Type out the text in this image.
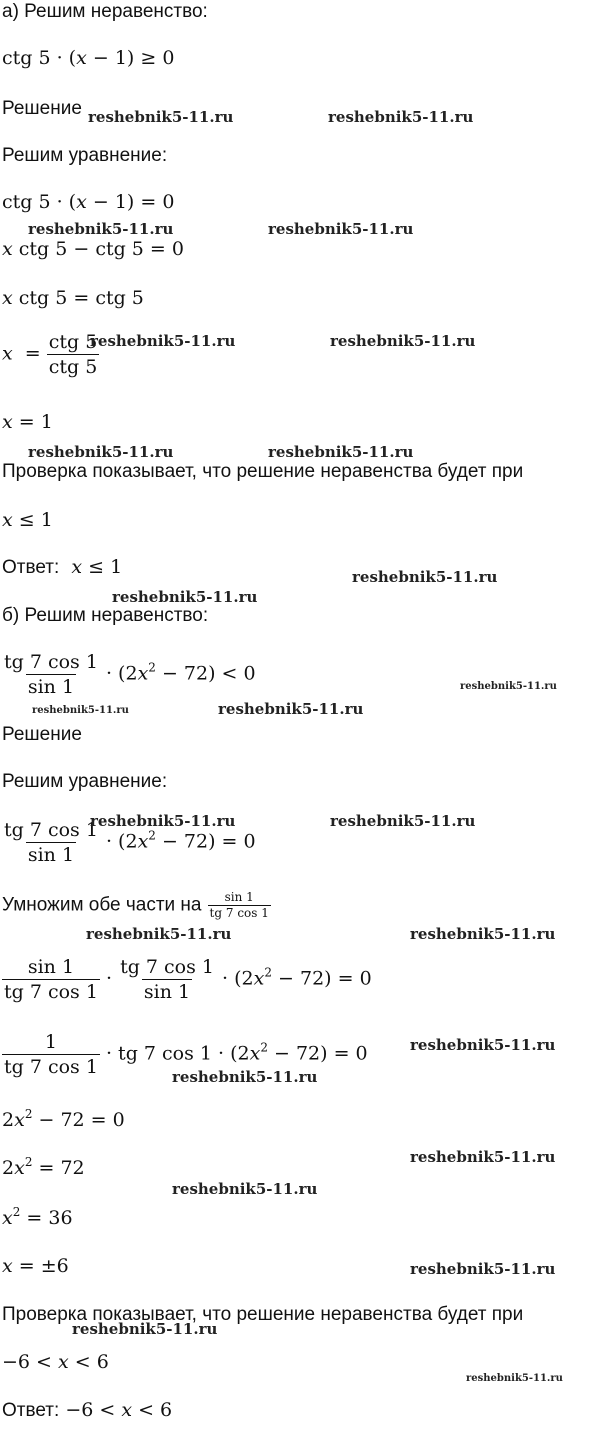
а) Решим неравенство:
ctg 5 · (x − 1) ≥ 0
Решение
Решим уравнение:
ctg 5 · (x − 1) = 0
x ctg 5 − ctg 5 = 0
x ctg 5 = ctg 5
$x = \frac{\text{ctg 5}}{\text{ctg 5}}$
x = 1
Проверка показывает, что решение неравенства будет при
x ≤ 1
Ответ: x ≤ 1
б) Решим неравенство:
$\frac{tg 7 \cos 1}{\sin 1} \cdot (2x^2 - 72) < 0$
Решение
Решим уравнение:
$\frac{tg 7 \cos 1}{\sin 1} \cdot (2x^2 - 72) = 0$
Умножим обе части на $\frac{\sin 1}{tg 7 \cos 1}$
$\frac{\sin 1}{tg 7 \cos 1} \cdot \frac{tg 7 \cos 1}{\sin 1} \cdot (2x^2 - 72) = 0$
$\frac{1}{tg 7 \cos 1}$ · tg 7 $\cos 1 \cdot (2x^2 - 72) = 0$
$2x^2 - 72 = 0$
$2x^2 = 72$
$x^2 = 36$
x = ±6
Проверка показывает, что решение неравенства будет при
−6 < x < 6
Ответ: −6 < x < 6
reshebnik5-11.ru	reshebnik5-11.ru
reshebnik5-11.ru	reshebnik5-11.ru
reshebnik5-11.ru	reshebnik5-11.ru
reshebnik5-11.ru	reshebnik5-11.ru
reshebnik5-11.ru
reshebnik5-11.ru
reshebnik5-11.ru
reshebnik5-11.ru	reshebnik5-11.ru
reshebnik5-11.ru	reshebnik5-11.ru
reshebnik5-11.ru	reshebnik5-11.ru
reshebnik5-11.ru
reshebnik5-11.ru
reshebnik5-11.ru
reshebnik5-11.ru
reshebnik5-11.ru
reshebnik5-11.ru
reshebnik5-11.ru
